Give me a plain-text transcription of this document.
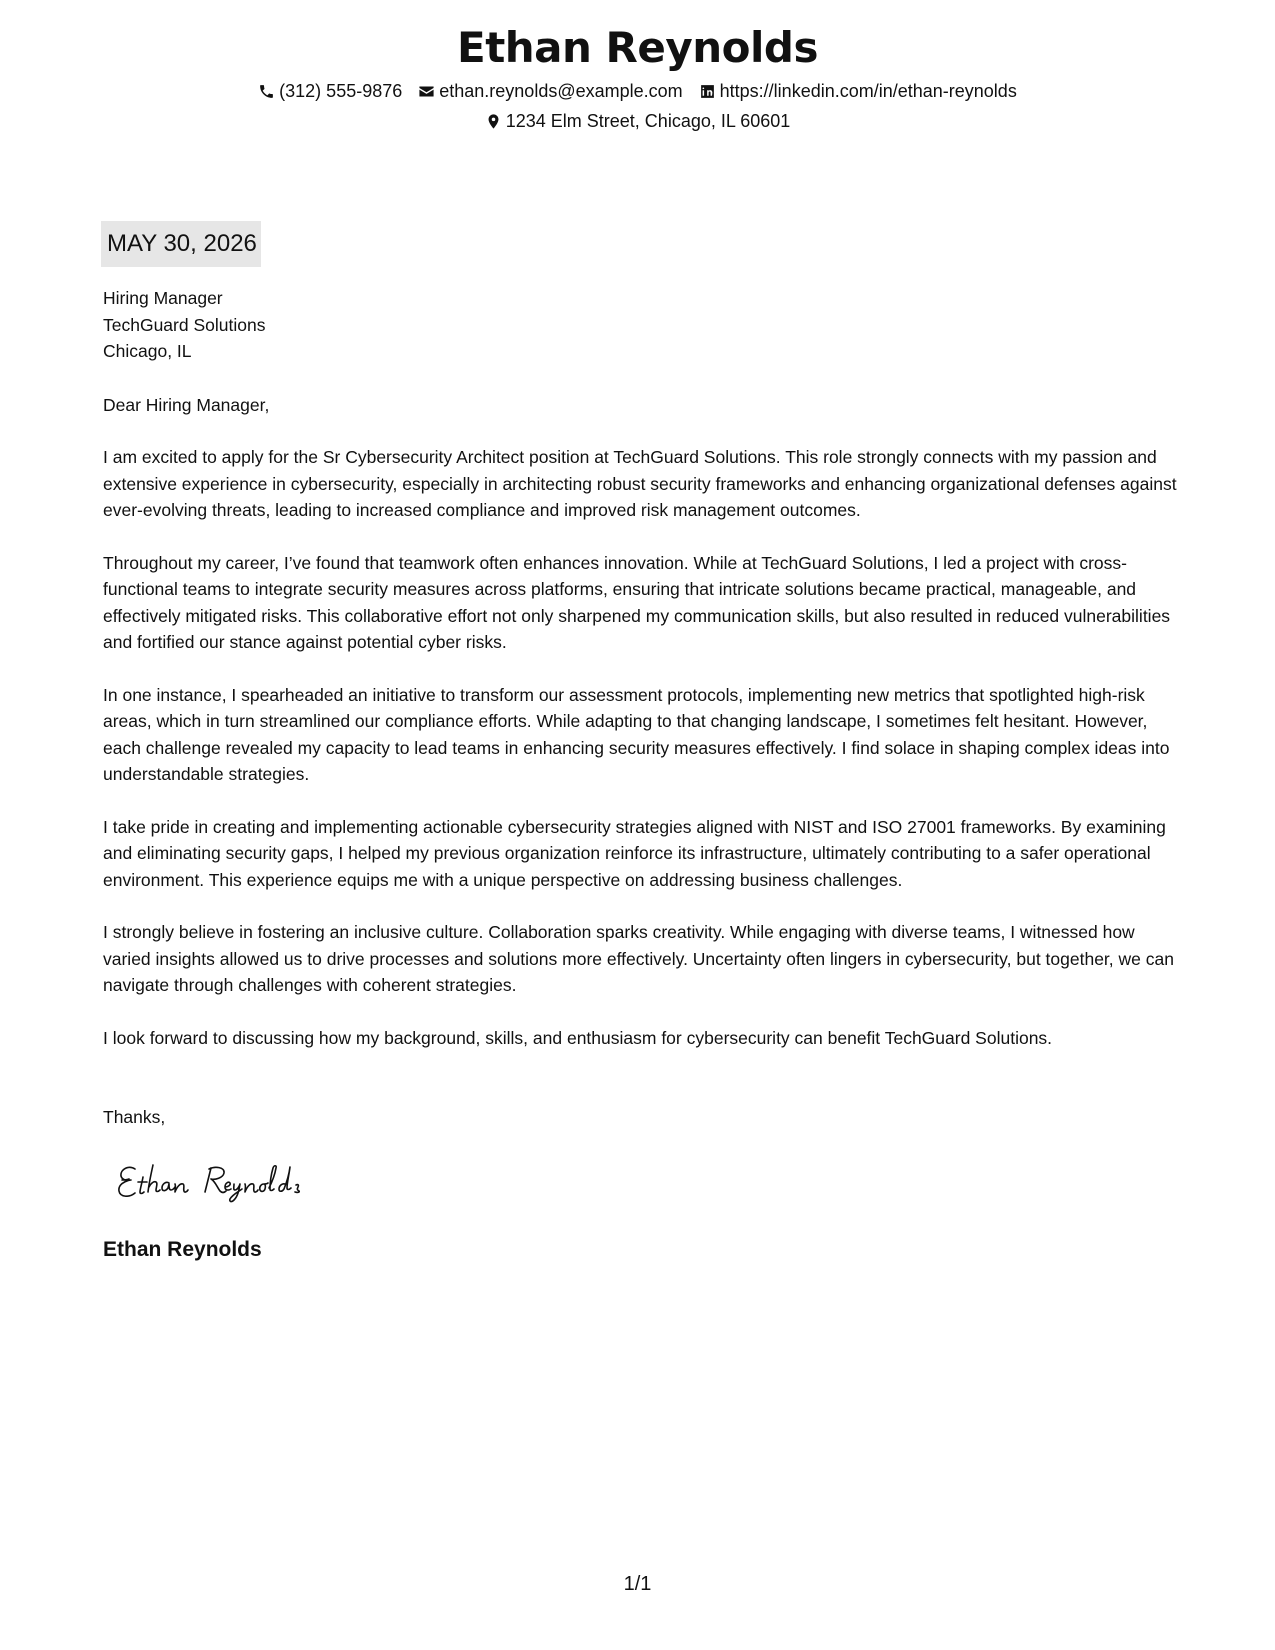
Ethan Reynolds
(312) 555-9876 ethan.reynolds@example.com https://linkedin.com/in/ethan-reynolds
1234 Elm Street, Chicago, IL 60601
MAY 30, 2026
Hiring Manager
TechGuard Solutions
Chicago, IL
Dear Hiring Manager,

I am excited to apply for the Sr Cybersecurity Architect position at TechGuard Solutions. This role strongly connects with my passion and extensive experience in cybersecurity, especially in architecting robust security frameworks and enhancing organizational defenses against ever-evolving threats, leading to increased compliance and improved risk management outcomes.

Throughout my career, I’ve found that teamwork often enhances innovation. While at TechGuard Solutions, I led a project with cross-functional teams to integrate security measures across platforms, ensuring that intricate solutions became practical, manageable, and effectively mitigated risks. This collaborative effort not only sharpened my communication skills, but also resulted in reduced vulnerabilities and fortified our stance against potential cyber risks.

In one instance, I spearheaded an initiative to transform our assessment protocols, implementing new metrics that spotlighted high-risk areas, which in turn streamlined our compliance efforts. While adapting to that changing landscape, I sometimes felt hesitant. However, each challenge revealed my capacity to lead teams in enhancing security measures effectively. I find solace in shaping complex ideas into understandable strategies.

I take pride in creating and implementing actionable cybersecurity strategies aligned with NIST and ISO 27001 frameworks. By examining and eliminating security gaps, I helped my previous organization reinforce its infrastructure, ultimately contributing to a safer operational environment. This experience equips me with a unique perspective on addressing business challenges.

I strongly believe in fostering an inclusive culture. Collaboration sparks creativity. While engaging with diverse teams, I witnessed how varied insights allowed us to drive processes and solutions more effectively. Uncertainty often lingers in cybersecurity, but together, we can navigate through challenges with coherent strategies.

I look forward to discussing how my background, skills, and enthusiasm for cybersecurity can benefit TechGuard Solutions.

Thanks,
Ethan Reynolds
1/1
